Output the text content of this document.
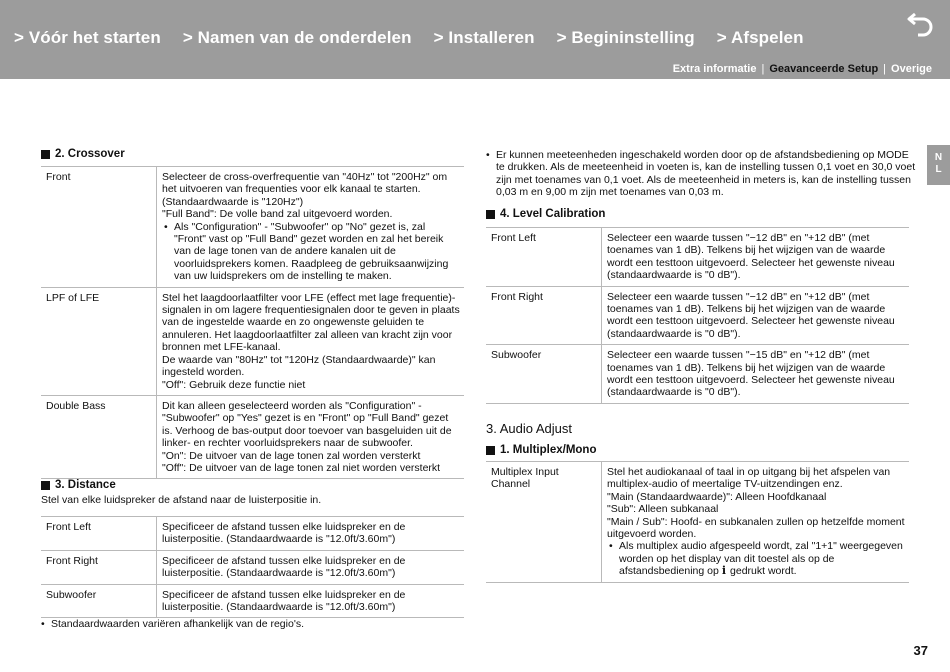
> Vóór het starten > Namen van de onderdelen > Installeren > Begininstelling > Afspelen
Extra informatie | Geavanceerde Setup | Overige
N
L
2. Crossover
Front	Selecteer de cross-overfrequentie van "40Hz" tot "200Hz" om het uitvoeren van frequenties voor elk kanaal te starten. (Standaardwaarde is "120Hz")
"Full Band": De volle band zal uitgevoerd worden.
• Als "Configuration" - "Subwoofer" op "No" gezet is, zal "Front" vast op "Full Band" gezet worden en zal het bereik van de lage tonen van de andere kanalen uit de voorluidsprekers komen. Raadpleeg de gebruiksaanwijzing van uw luidsprekers om de instelling te maken.

LPF of LFE	Stel het laagdoorlaatfilter voor LFE (effect met lage frequentie)-signalen in om lagere frequentiesignalen door te geven in plaats van de ingestelde waarde en zo ongewenste geluiden te annuleren. Het laagdoorlaatfilter zal alleen van kracht zijn voor bronnen met LFE-kanaal.
De waarde van "80Hz" tot "120Hz (Standaardwaarde)" kan ingesteld worden.
"Off": Gebruik deze functie niet
Double Bass	Dit kan alleen geselecteerd worden als "Configuration" - "Subwoofer" op "Yes" gezet is en "Front" op "Full Band" gezet is. Verhoog de bas-output door toevoer van basgeluiden uit de linker- en rechter voorluidsprekers naar de subwoofer.
"On": De uitvoer van de lage tonen zal worden versterkt
"Off": De uitvoer van de lage tonen zal niet worden versterkt
3. Distance
Stel van elke luidspreker de afstand naar de luisterpositie in.
Front Left	Specificeer de afstand tussen elke luidspreker en de luisterpositie. (Standaardwaarde is "12.0ft/3.60m")
Front Right	Specificeer de afstand tussen elke luidspreker en de luisterpositie. (Standaardwaarde is "12.0ft/3.60m")
Subwoofer	Specificeer de afstand tussen elke luidspreker en de luisterpositie. (Standaardwaarde is "12.0ft/3.60m")
• Standaardwaarden variëren afhankelijk van de regio's.
• Er kunnen meeteenheden ingeschakeld worden door op de afstandsbediening op MODE te drukken. Als de meeteenheid in voeten is, kan de instelling tussen 0,1 voet en 30,0 voet zijn met toenames van 0,1 voet. Als de meeteenheid in meters is, kan de instelling tussen 0,03 m en 9,00 m zijn met toenames van 0,03 m.
4. Level Calibration
Front Left	Selecteer een waarde tussen "−12 dB" en "+12 dB" (met toenames van 1 dB). Telkens bij het wijzigen van de waarde wordt een testtoon uitgevoerd. Selecteer het gewenste niveau (standaardwaarde is "0 dB").
Front Right	Selecteer een waarde tussen "−12 dB" en "+12 dB" (met toenames van 1 dB). Telkens bij het wijzigen van de waarde wordt een testtoon uitgevoerd. Selecteer het gewenste niveau (standaardwaarde is "0 dB").
Subwoofer	Selecteer een waarde tussen "−15 dB" en "+12 dB" (met toenames van 1 dB). Telkens bij het wijzigen van de waarde wordt een testtoon uitgevoerd. Selecteer het gewenste niveau (standaardwaarde is "0 dB").
3. Audio Adjust
1. Multiplex/Mono
Multiplex Input Channel	
Stel het audiokanaal of taal in op uitgang bij het afspelen van multiplex-audio of meertalige TV-uitzendingen enz.
"Main (Standaardwaarde)": Alleen Hoofdkanaal
"Sub": Alleen subkanaal
"Main / Sub": Hoofd- en subkanalen zullen op hetzelfde moment uitgevoerd worden.
• Als multiplex audio afgespeeld wordt, zal "1+1" weergegeven worden op het display van dit toestel als op de afstandsbediening op i gedrukt wordt.
37
